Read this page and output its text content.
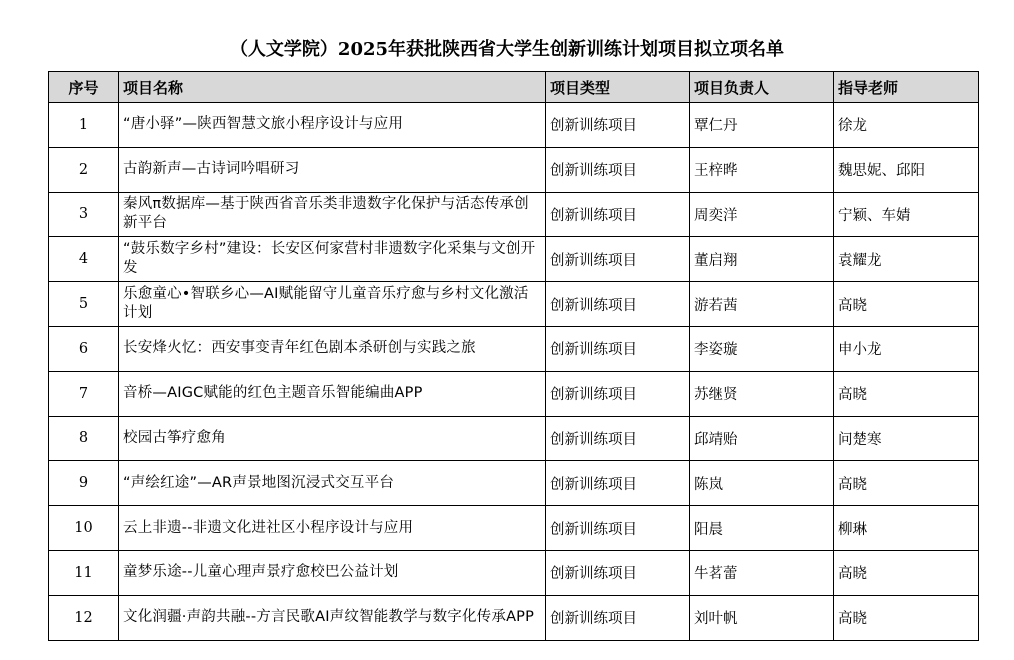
（人文学院）2025年获批陕西省大学生创新训练计划项目拟立项名单
序号	项目名称	项目类型	项目负责人	指导老师
1	“唐小驿”—陕西智慧文旅小程序设计与应用	创新训练项目	覃仁丹	徐龙
2	古韵新声—古诗词吟唱研习	创新训练项目	王梓晔	魏思妮、邱阳
3	秦风π数据库—基于陕西省音乐类非遗数字化保护与活态传承创新平台	创新训练项目	周奕洋	宁颖、车婧
4	“鼓乐数字乡村”建设：长安区何家营村非遗数字化采集与文创开发	创新训练项目	董启翔	袁耀龙
5	乐愈童心•智联乡心—AI赋能留守儿童音乐疗愈与乡村文化激活计划	创新训练项目	游若茜	高晓
6	长安烽火忆：西安事变青年红色剧本杀研创与实践之旅	创新训练项目	李姿璇	申小龙
7	音桥—AIGC赋能的红色主题音乐智能编曲APP	创新训练项目	苏继贤	高晓
8	校园古筝疗愈角	创新训练项目	邱靖贻	问楚寒
9	“声绘红途”—AR声景地图沉浸式交互平台	创新训练项目	陈岚	高晓
10	云上非遗--非遗文化进社区小程序设计与应用	创新训练项目	阳晨	柳琳
11	童梦乐途--儿童心理声景疗愈校巴公益计划	创新训练项目	牛茗蕾	高晓
12	文化润疆·声韵共融--方言民歌AI声纹智能教学与数字化传承APP	创新训练项目	刘叶帆	高晓
